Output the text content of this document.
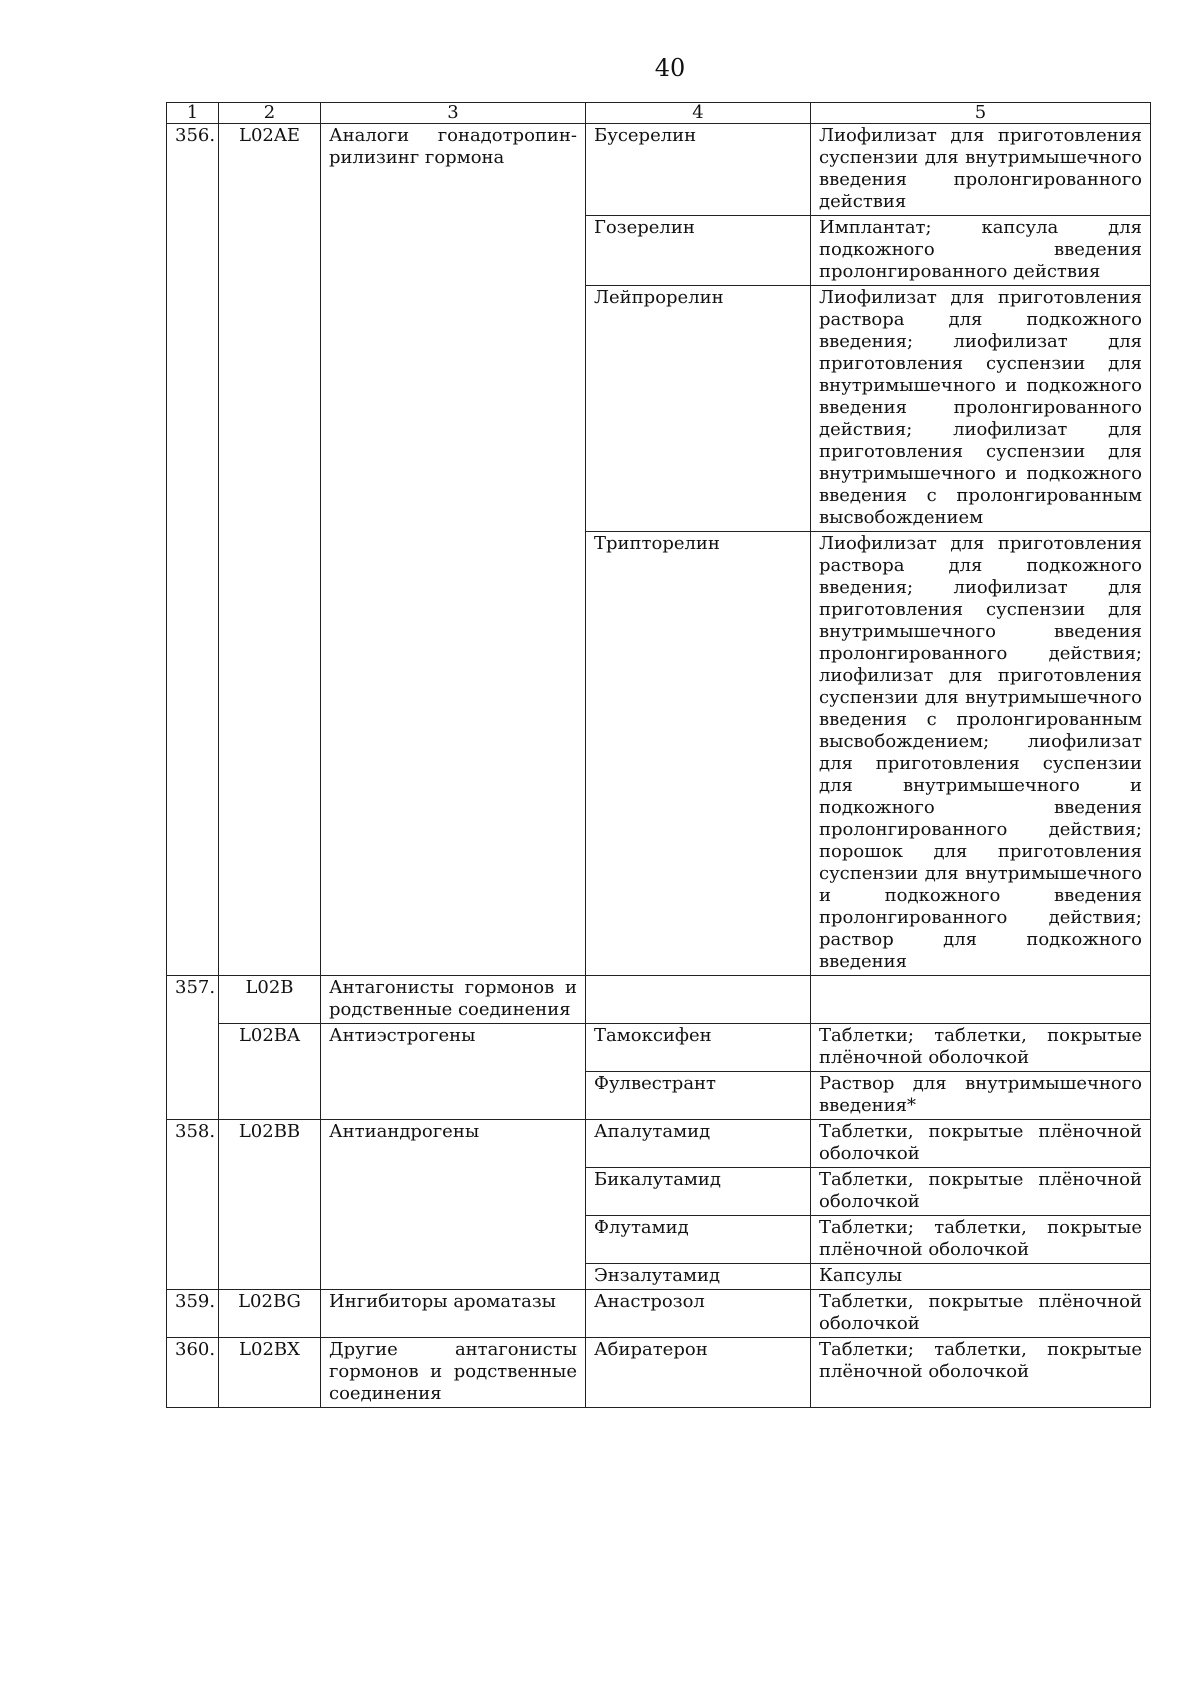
40
1	2	3	4	5
356.	L02AE	Аналоги гонадотропин-рилизинг гормона	Бусерелин	Лиофилизат для приготовления суспензии для внутримышечного введения пролонгированного действия
			Гозерелин	Имплантат; капсула для подкожного введения пролонгированного действия
			Лейпрорелин	Лиофилизат для приготовления раствора для подкожного введения; лиофилизат для приготовления суспензии для внутримышечного и подкожного введения пролонгированного действия; лиофилизат для приготовления суспензии для внутримышечного и подкожного введения с пролонгированным высвобождением
			Трипторелин	Лиофилизат для приготовления раствора для подкожного введения; лиофилизат для приготовления суспензии для внутримышечного введения пролонгированного действия; лиофилизат для приготовления суспензии для внутримышечного введения с пролонгированным высвобождением; лиофилизат для приготовления суспензии для внутримышечного и подкожного введения пролонгированного действия; порошок для приготовления суспензии для внутримышечного и подкожного введения пролонгированного действия; раствор для подкожного введения
357.	L02B	Антагонисты гормонов и родственные соединения		
	L02BA	Антиэстрогены	Тамоксифен	Таблетки; таблетки, покрытые плёночной оболочкой
			Фулвестрант	Раствор для внутримышечного введения*
358.	L02BB	Антиандрогены	Апалутамид	Таблетки, покрытые плёночной оболочкой
			Бикалутамид	Таблетки, покрытые плёночной оболочкой
			Флутамид	Таблетки; таблетки, покрытые плёночной оболочкой
			Энзалутамид	Капсулы
359.	L02BG	Ингибиторы ароматазы	Анастрозол	Таблетки, покрытые плёночной оболочкой
360.	L02BX	Другие антагонисты гормонов и родственные соединения	Абиратерон	Таблетки; таблетки, покрытые плёночной оболочкой
